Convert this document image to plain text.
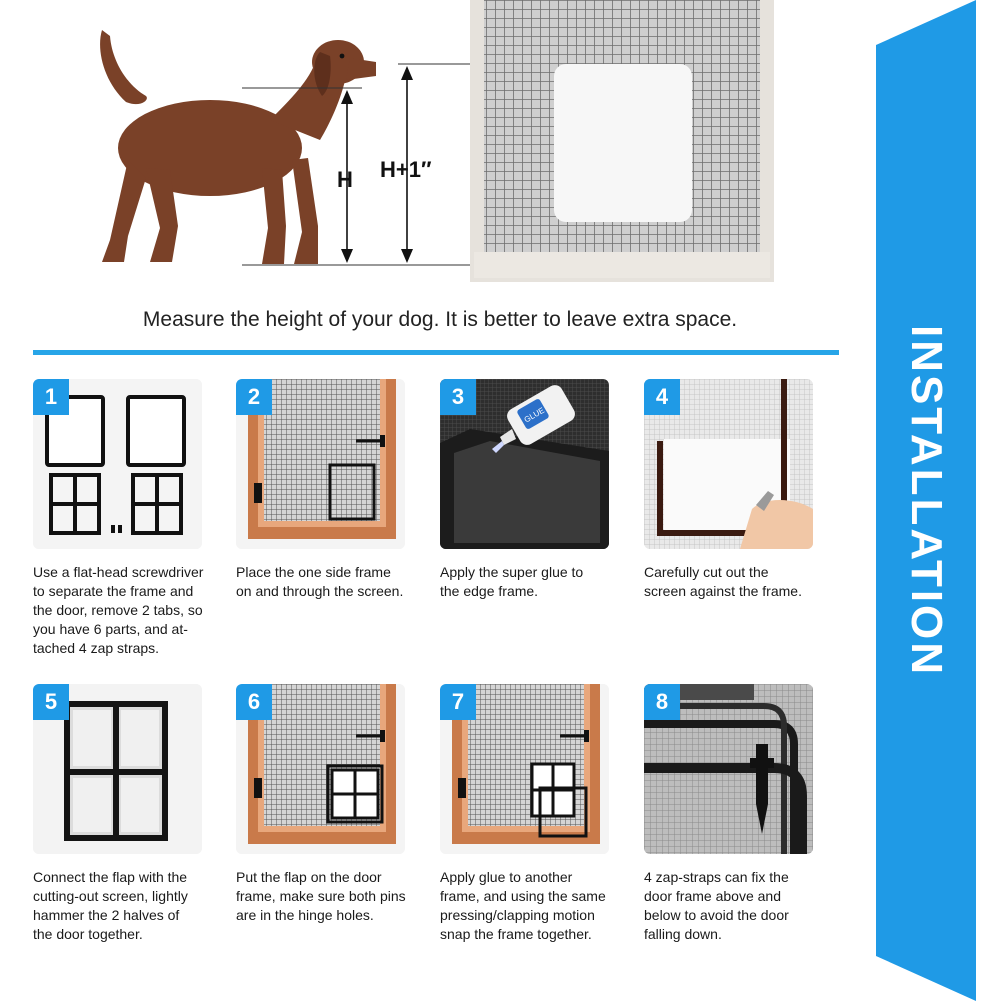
H H+1″
Measure the height of your dog. It is better to leave extra space.
INSTALLATION
1
Use a flat-head screwdriver
to separate the frame and
the door, remove 2 tabs, so
you have 6 parts, and at-
tached 4 zap straps.
2
Place the one side frame
on and through the screen.
3
GLUE
Apply the super glue to
the edge frame.
4
Carefully cut out the
screen against the frame.
5
Connect the flap with the
cutting-out screen, lightly
hammer the 2 halves of
the door together.
6
Put the flap on the door
frame, make sure both pins
are in the hinge holes.
7
Apply glue to another
frame, and using the same
pressing/clapping motion
snap the frame together.
8
4 zap-straps can fix the
door frame above and
below to avoid the door
falling down.
